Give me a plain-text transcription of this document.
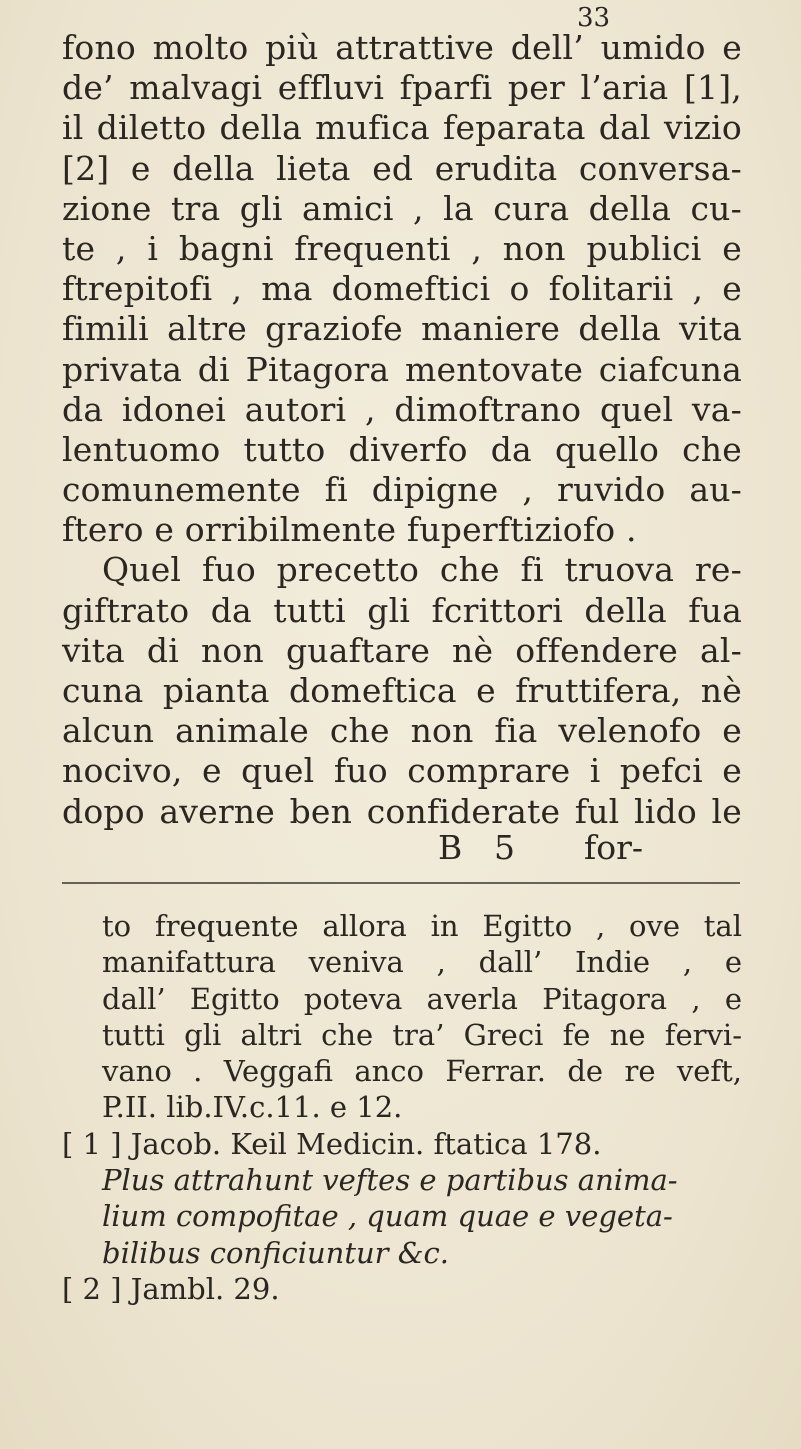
33
fono molto più attrattive dell’ umido e
de’ malvagi effluvi fparfi per l’aria [1],
il diletto della mufica feparata dal vizio
[2] e della lieta ed erudita conversa-
zione tra gli amici , la cura della cu-
te , i bagni frequenti , non publici e
ftrepitofi , ma domeftici o folitarii , e
fimili altre graziofe maniere della vita
privata di Pitagora mentovate ciafcuna
da idonei autori , dimoftrano quel va-
lentuomo tutto diverfo da quello che
comunemente fi dipigne , ruvido au-
ftero e orribilmente fuperftiziofo .
Quel fuo precetto che fi truova re-
giftrato da tutti gli fcrittori della fua
vita di non guaftare nè offendere al-
cuna pianta domeftica e fruttifera, nè
alcun animale che non fia velenofo e
nocivo, e quel fuo comprare i pefci e
dopo averne ben confiderate ful lido le
B 5 for-
to frequente allora in Egitto , ove tal
manifattura veniva , dall’ Indie , e
dall’ Egitto poteva averla Pitagora , e
tutti gli altri che tra’ Greci fe ne fervi-
vano . Veggafi anco Ferrar. de re veft,
P.II. lib.IV.c.11. e 12.
[ 1 ] Jacob. Keil Medicin. ftatica 178.
Plus attrahunt veftes e partibus anima-
lium compofitae , quam quae e vegeta-
bilibus conficiuntur &c.
[ 2 ] Jambl. 29.
